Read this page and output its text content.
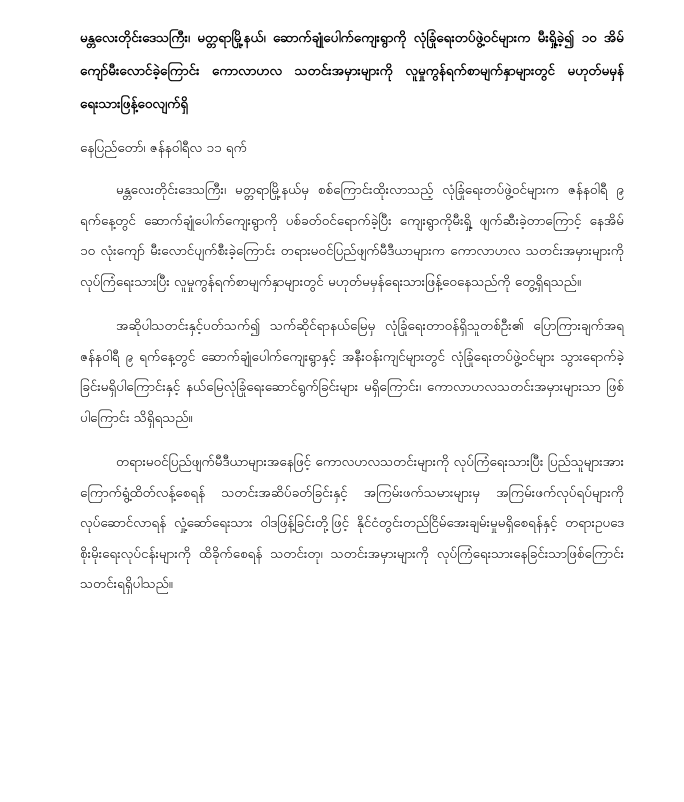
မန္တလေးတိုင်းဒေသကြီး၊ မတ္တရာမြို့နယ်၊ ဆောက်ချုံပေါက်ကျေးရွာကို လုံခြုံရေးတပ်ဖွဲ့ဝင်များက မီးရှို့ခဲ့၍ ၁၀ အိမ်ကျော်မီးလောင်ခဲ့ကြောင်း ကောလာဟလ သတင်းအမှားများကို လူမှုကွန်ရက်စာမျက်နှာများတွင် မဟုတ်မမှန်ရေးသားဖြန့်ဝေလျက်ရှိ
နေပြည်တော်၊ ဇန်နဝါရီလ ၁၁ ရက်
မန္တလေးတိုင်းဒေသကြီး၊ မတ္တရာမြို့နယ်မှ စစ်ကြောင်းထိုးလာသည့် လုံခြုံရေးတပ်ဖွဲ့ဝင်များက ဇန်နဝါရီ ၉ ရက်နေ့တွင် ဆောက်ချုံပေါက်ကျေးရွာကို ပစ်ခတ်ဝင်ရောက်ခဲ့ပြီး ကျေးရွာကိုမီးရှို့ ဖျက်ဆီးခဲ့တာကြောင့် နေအိမ် ၁၀ လုံးကျော် မီးလောင်ပျက်စီးခဲ့ကြောင်း တရားမဝင်ပြည်ဖျက်မီဒီယာများက ကောလာဟလ သတင်းအမှားများကို လုပ်ကြံရေးသားပြီး လူမှုကွန်ရက်စာမျက်နှာများတွင် မဟုတ်မမှန်ရေးသားဖြန့်ဝေနေသည်ကို တွေ့ရှိရသည်။
အဆိုပါသတင်းနှင့်ပတ်သက်၍ သက်ဆိုင်ရာနယ်မြေမှ လုံခြုံရေးတာဝန်ရှိသူတစ်ဦး၏ ပြောကြားချက်အရ ဇန်နဝါရီ ၉ ရက်နေ့တွင် ဆောက်ချုံပေါက်ကျေးရွာနှင့် အနီးဝန်းကျင်များတွင် လုံခြုံရေးတပ်ဖွဲ့ဝင်များ သွားရောက်ခဲ့ခြင်းမရှိပါကြောင်းနှင့် နယ်မြေလုံခြုံရေးဆောင်ရွက်ခြင်းများ မရှိကြောင်း၊ ကောလာဟလသတင်းအမှားများသာ ဖြစ်ပါကြောင်း သိရှိရသည်။
တရားမဝင်ပြည်ဖျက်မီဒီယာများအနေဖြင့် ကောလဟလသတင်းများကို လုပ်ကြံရေးသားပြီး ပြည်သူများအား ကြောက်ရွံ့ထိတ်လန့်စေရန် သတင်းအဆိပ်ခတ်ခြင်းနှင့် အကြမ်းဖက်သမားများမှ အကြမ်းဖက်လုပ်ရပ်များကို လုပ်ဆောင်လာရန် လှုံ့ဆော်ရေးသား ဝါဒဖြန့်ခြင်းတို့ဖြင့် နိုင်ငံတွင်းတည်ငြိမ်အေးချမ်းမှုမရှိစေရန်နှင့် တရားဥပဒေ စိုးမိုးရေးလုပ်ငန်းများကို ထိခိုက်စေရန် သတင်းတု၊ သတင်းအမှားများကို လုပ်ကြံရေးသားနေခြင်းသာဖြစ်ကြောင်း သတင်းရရှိပါသည်။
